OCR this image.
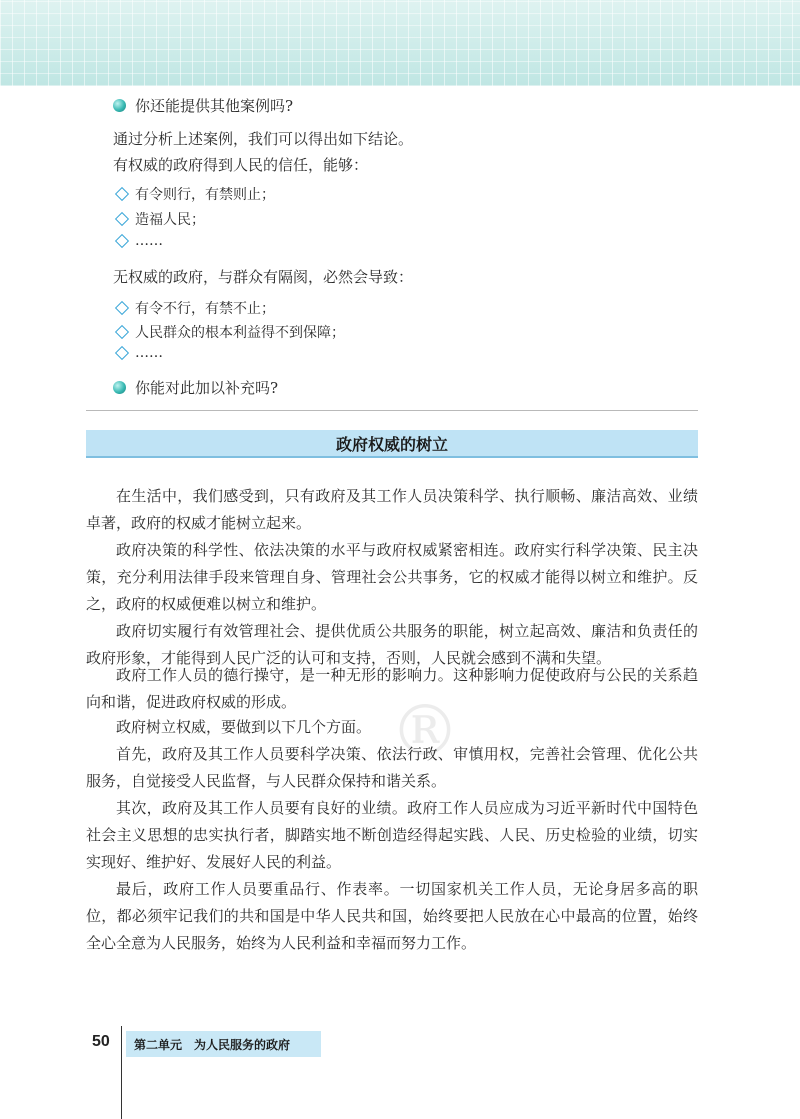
你还能提供其他案例吗?
通过分析上述案例，我们可以得出如下结论。
有权威的政府得到人民的信任，能够：
有令则行，有禁则止；
造福人民；
……
无权威的政府，与群众有隔阂，必然会导致：
有令不行，有禁不止；
人民群众的根本利益得不到保障；
……
你能对此加以补充吗?
政府权威的树立
®
在生活中，我们感受到，只有政府及其工作人员决策科学、执行顺畅、廉洁高效、业绩卓著，政府的权威才能树立起来。
政府决策的科学性、依法决策的水平与政府权威紧密相连。政府实行科学决策、民主决策，充分利用法律手段来管理自身、管理社会公共事务，它的权威才能得以树立和维护。反之，政府的权威便难以树立和维护。
政府切实履行有效管理社会、提供优质公共服务的职能，树立起高效、廉洁和负责任的政府形象，才能得到人民广泛的认可和支持，否则，人民就会感到不满和失望。
政府工作人员的德行操守，是一种无形的影响力。这种影响力促使政府与公民的关系趋向和谐，促进政府权威的形成。
政府树立权威，要做到以下几个方面。
首先，政府及其工作人员要科学决策、依法行政、审慎用权，完善社会管理、优化公共服务，自觉接受人民监督，与人民群众保持和谐关系。
其次，政府及其工作人员要有良好的业绩。政府工作人员应成为习近平新时代中国特色社会主义思想的忠实执行者，脚踏实地不断创造经得起实践、人民、历史检验的业绩，切实实现好、维护好、发展好人民的利益。
最后，政府工作人员要重品行、作表率。一切国家机关工作人员，无论身居多高的职位，都必须牢记我们的共和国是中华人民共和国，始终要把人民放在心中最高的位置，始终全心全意为人民服务，始终为人民利益和幸福而努力工作。
50	第二单元　为人民服务的政府
